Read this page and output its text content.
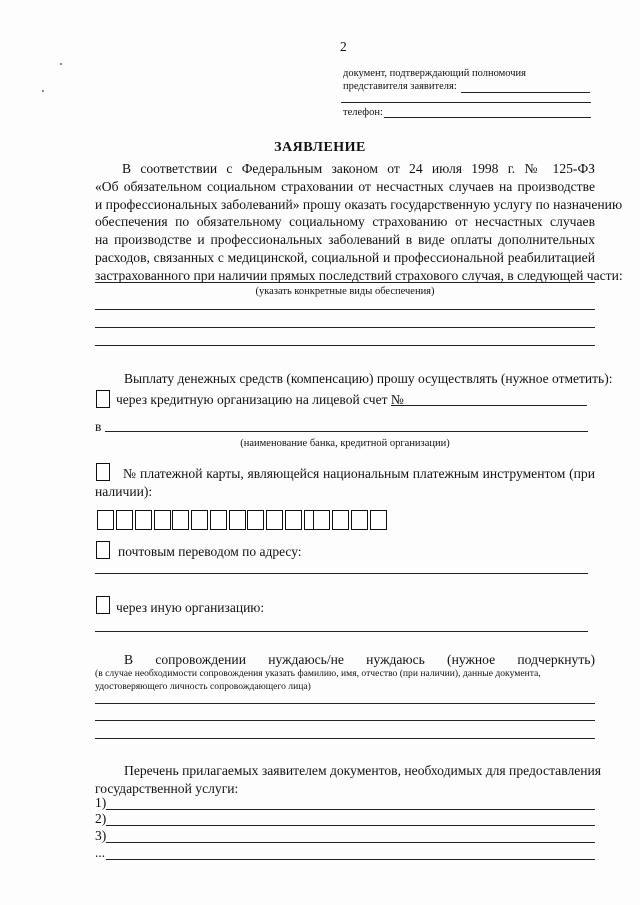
2
документ, подтверждающий полномочия
представителя заявителя:
телефон:
ЗАЯВЛЕНИЕ
В соответствии с Федеральным законом от 24 июля 1998 г. № 125-ФЗ
«Об обязательном социальном страховании от несчастных случаев на производстве
и профессиональных заболеваний» прошу оказать государственную услугу по назначению
обеспечения по обязательному социальному страхованию от несчастных случаев
на производстве и профессиональных заболеваний в виде оплаты дополнительных
расходов, связанных с медицинской, социальной и профессиональной реабилитацией
застрахованного при наличии прямых последствий страхового случая, в следующей части:
(указать конкретные виды обеспечения)
Выплату денежных средств (компенсацию) прошу осуществлять (нужное отметить):
через кредитную организацию на лицевой счет №
в
(наименование банка, кредитной организации)
№ платежной карты, являющейся национальным платежным инструментом (при
наличии):
почтовым переводом по адресу:
через иную организацию:
В сопровождении нуждаюсь/не нуждаюсь (нужное подчеркнуть)
(в случае необходимости сопровождения указать фамилию, имя, отчество (при наличии), данные документа,
удостоверяющего личность сопровождающего лица)
Перечень прилагаемых заявителем документов, необходимых для предоставления
государственной услуги:
1)
2)
3)
...
